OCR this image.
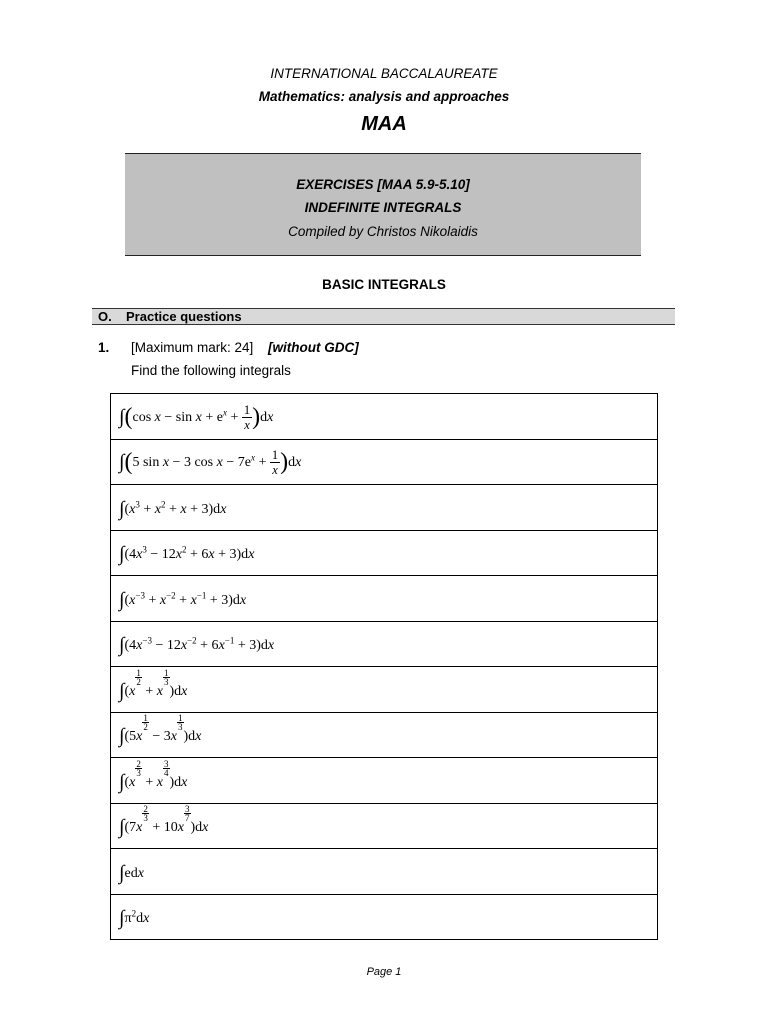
INTERNATIONAL BACCALAUREATE
Mathematics: analysis and approaches
MAA
EXERCISES [MAA 5.9-5.10]
INDEFINITE INTEGRALS
Compiled by Christos Nikolaidis
BASIC INTEGRALS
O. Practice questions
1. [Maximum mark: 24] [without GDC]
Find the following integrals
∫(cos $x - \sin x + e^x + \frac{1}{x} )dx$
∫(5 sin x − 3 $\cos x - 7e^x + \frac{1}{x} )dx$
$\int(x^3 + x^2 + x + 3)dx$
$\int(4x^3 - 12x^2 + 6x + 3)dx$
$\int(x^{-3} + x^{-2} + x^{-1} + 3)dx$
$\int(4x^{-3} - 12x^{-2} + 6x^{-1} + 3)dx$
∫(x
$\frac{1}{2}$
+ x
$\frac{1}{3}$
)dx
∫(5x
$\frac{1}{2}$
− 3x
$\frac{1}{3}$
)dx
∫(x
$\frac{2}{3}$
+ x
$\frac{3}{4}$
)dx
∫(7x
$\frac{2}{3}$
+ 10x
$\frac{3}{7}$
)dx
∫edx
$\int\pi^2dx$
Page 1
